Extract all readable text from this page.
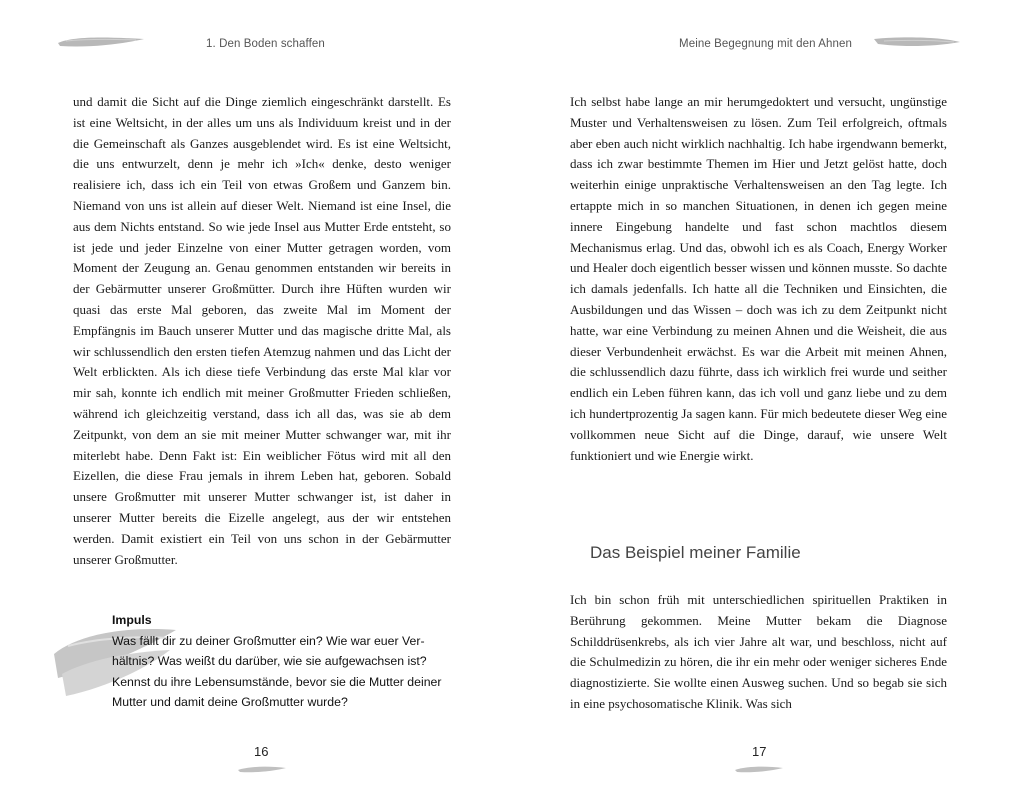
1. Den Boden schaffen

und damit die Sicht auf die Dinge ziemlich eingeschränkt darstellt. Es ist eine Weltsicht, in der alles um uns als Individuum kreist und in der die Gemeinschaft als Ganzes ausgeblendet wird. Es ist eine Weltsicht, die uns entwurzelt, denn je mehr ich »Ich« denke, desto weniger realisiere ich, dass ich ein Teil von etwas Großem und Ganzem bin. Niemand von uns ist allein auf dieser Welt. Niemand ist eine Insel, die aus dem Nichts entstand. So wie jede Insel aus Mutter Erde entsteht, so ist jede und jeder Einzelne von einer Mutter getragen worden, vom Moment der Zeugung an. Genau genommen entstanden wir bereits in der Gebärmutter unserer Großmütter. Durch ihre Hüften wurden wir quasi das erste Mal geboren, das zweite Mal im Moment der Empfängnis im Bauch unserer Mutter und das magische dritte Mal, als wir schlussendlich den ersten tiefen Atemzug nahmen und das Licht der Welt erblickten. Als ich diese tiefe Verbindung das erste Mal klar vor mir sah, konnte ich endlich mit meiner Großmutter Frieden schließen, während ich gleichzeitig verstand, dass ich all das, was sie ab dem Zeitpunkt, von dem an sie mit meiner Mutter schwanger war, mit ihr miterlebt habe. Denn Fakt ist: Ein weiblicher Fötus wird mit all den Eizellen, die diese Frau jemals in ihrem Leben hat, geboren. Sobald unsere Großmutter mit unserer Mutter schwanger ist, ist daher in unserer Mutter bereits die Eizelle angelegt, aus der wir entstehen werden. Damit existiert ein Teil von uns schon in der Gebärmutter unserer Großmutter.

Impuls
Was fällt dir zu deiner Großmutter ein? Wie war euer Verhältnis? Was weißt du darüber, wie sie aufgewachsen ist? Kennst du ihre Lebensumstände, bevor sie die Mutter deiner Mutter und damit deine Großmutter wurde?
16
Meine Begegnung mit den Ahnen

Ich selbst habe lange an mir herumgedoktert und versucht, ungünstige Muster und Verhaltensweisen zu lösen. Zum Teil erfolgreich, oftmals aber eben auch nicht wirklich nachhaltig. Ich habe irgendwann bemerkt, dass ich zwar bestimmte Themen im Hier und Jetzt gelöst hatte, doch weiterhin einige unpraktische Verhaltensweisen an den Tag legte. Ich ertappte mich in so manchen Situationen, in denen ich gegen meine innere Eingebung handelte und fast schon machtlos diesem Mechanismus erlag. Und das, obwohl ich es als Coach, Energy Worker und Healer doch eigentlich besser wissen und können musste. So dachte ich damals jedenfalls. Ich hatte all die Techniken und Einsichten, die Ausbildungen und das Wissen – doch was ich zu dem Zeitpunkt nicht hatte, war eine Verbindung zu meinen Ahnen und die Weisheit, die aus dieser Verbundenheit erwächst. Es war die Arbeit mit meinen Ahnen, die schlussendlich dazu führte, dass ich wirklich frei wurde und seither endlich ein Leben führen kann, das ich voll und ganz liebe und zu dem ich hundertprozentig Ja sagen kann. Für mich bedeutete dieser Weg eine vollkommen neue Sicht auf die Dinge, darauf, wie unsere Welt funktioniert und wie Energie wirkt.

Das Beispiel meiner Familie

Ich bin schon früh mit unterschiedlichen spirituellen Praktiken in Berührung gekommen. Meine Mutter bekam die Diagnose Schilddrüsenkrebs, als ich vier Jahre alt war, und beschloss, nicht auf die Schulmedizin zu hören, die ihr ein mehr oder weniger sicheres Ende diagnostizierte. Sie wollte einen Ausweg suchen. Und so begab sie sich in eine psychosomatische Klinik. Was sich

17
